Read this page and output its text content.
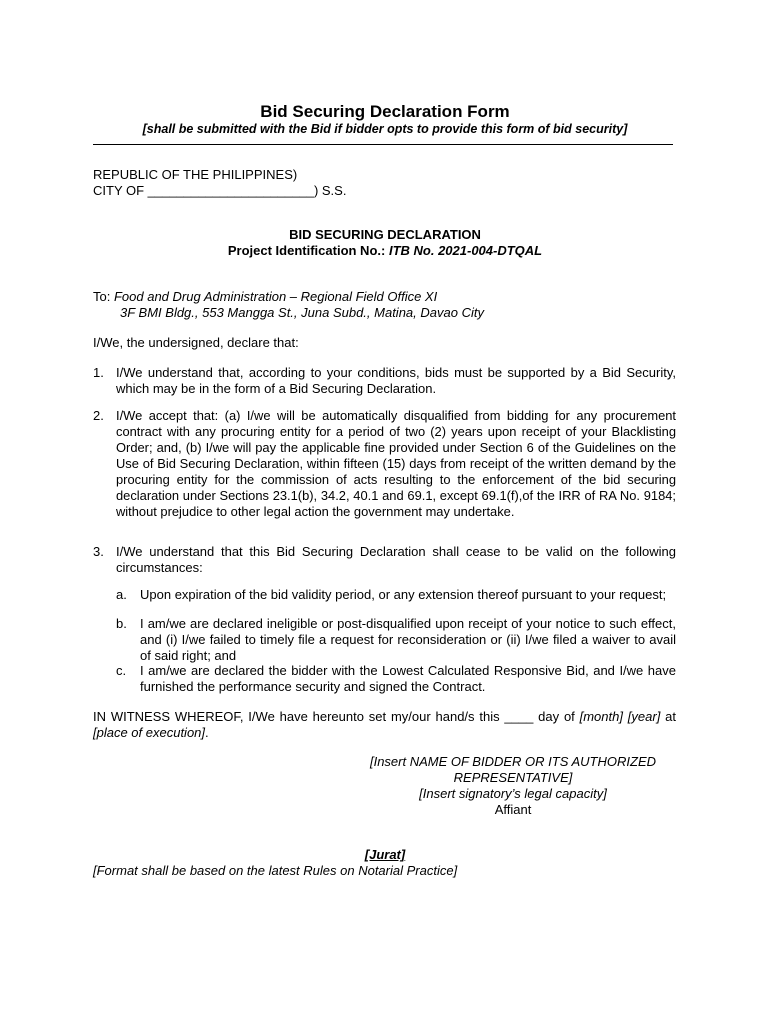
Bid Securing Declaration Form
[shall be submitted with the Bid if bidder opts to provide this form of bid security]
REPUBLIC OF THE PHILIPPINES)
CITY OF _______________________) S.S.
BID SECURING DECLARATION
Project Identification No.: ITB No. 2021-004-DTQAL
To: Food and Drug Administration – Regional Field Office XI
3F BMI Bldg., 553 Mangga St., Juna Subd., Matina, Davao City
I/We, the undersigned, declare that:
1. I/We understand that, according to your conditions, bids must be supported by a Bid Security, which may be in the form of a Bid Securing Declaration.
2. I/We accept that: (a) I/we will be automatically disqualified from bidding for any procurement contract with any procuring entity for a period of two (2) years upon receipt of your Blacklisting Order; and, (b) I/we will pay the applicable fine provided under Section 6 of the Guidelines on the Use of Bid Securing Declaration, within fifteen (15) days from receipt of the written demand by the procuring entity for the commission of acts resulting to the enforcement of the bid securing declaration under Sections 23.1(b), 34.2, 40.1 and 69.1, except 69.1(f),of the IRR of RA No. 9184; without prejudice to other legal action the government may undertake.
3. I/We understand that this Bid Securing Declaration shall cease to be valid on the following circumstances:
a. Upon expiration of the bid validity period, or any extension thereof pursuant to your request;
b. I am/we are declared ineligible or post-disqualified upon receipt of your notice to such effect, and (i) I/we failed to timely file a request for reconsideration or (ii) I/we filed a waiver to avail of said right; and
c. I am/we are declared the bidder with the Lowest Calculated Responsive Bid, and I/we have furnished the performance security and signed the Contract.
IN WITNESS WHEREOF, I/We have hereunto set my/our hand/s this ____ day of [month] [year] at [place of execution].
[Insert NAME OF BIDDER OR ITS AUTHORIZED
REPRESENTATIVE]
[Insert signatory’s legal capacity]
Affiant
[Jurat]
[Format shall be based on the latest Rules on Notarial Practice]
